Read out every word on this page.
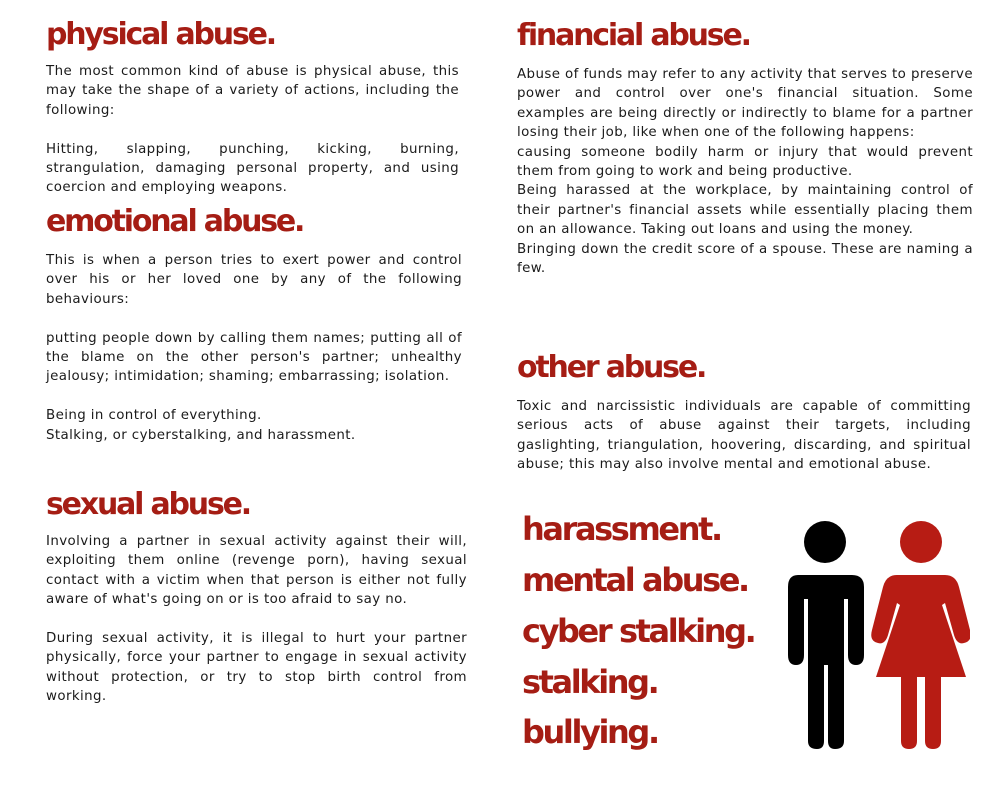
physical abuse.

The most common kind of abuse is physical abuse, this may take the shape of a variety of actions, including the following:

Hitting, slapping, punching, kicking, burning, strangulation, damaging personal property, and using coercion and employing weapons.

emotional abuse.

This is when a person tries to exert power and control over his or her loved one by any of the following behaviours:

putting people down by calling them names; putting all of the blame on the other person's partner; unhealthy jealousy; intimidation; shaming; embarrassing; isolation.

Being in control of everything.

Stalking, or cyberstalking, and harassment.

sexual abuse.

Involving a partner in sexual activity against their will, exploiting them online (revenge porn), having sexual contact with a victim when that person is either not fully aware of what's going on or is too afraid to say no.

During sexual activity, it is illegal to hurt your partner physically, force your partner to engage in sexual activity without protection, or try to stop birth control from working.

financial abuse.

Abuse of funds may refer to any activity that serves to preserve power and control over one's financial situation. Some examples are being directly or indirectly to blame for a partner losing their job, like when one of the following happens:

causing someone bodily harm or injury that would prevent them from going to work and being productive.

Being harassed at the workplace, by maintaining control of their partner's financial assets while essentially placing them on an allowance. Taking out loans and using the money.

Bringing down the credit score of a spouse. These are naming a few.

other abuse.

Toxic and narcissistic individuals are capable of committing serious acts of abuse against their targets, including gaslighting, triangulation, hoovering, discarding, and spiritual abuse; this may also involve mental and emotional abuse.

harassment.
mental abuse.
cyber stalking.
stalking.
bullying.
